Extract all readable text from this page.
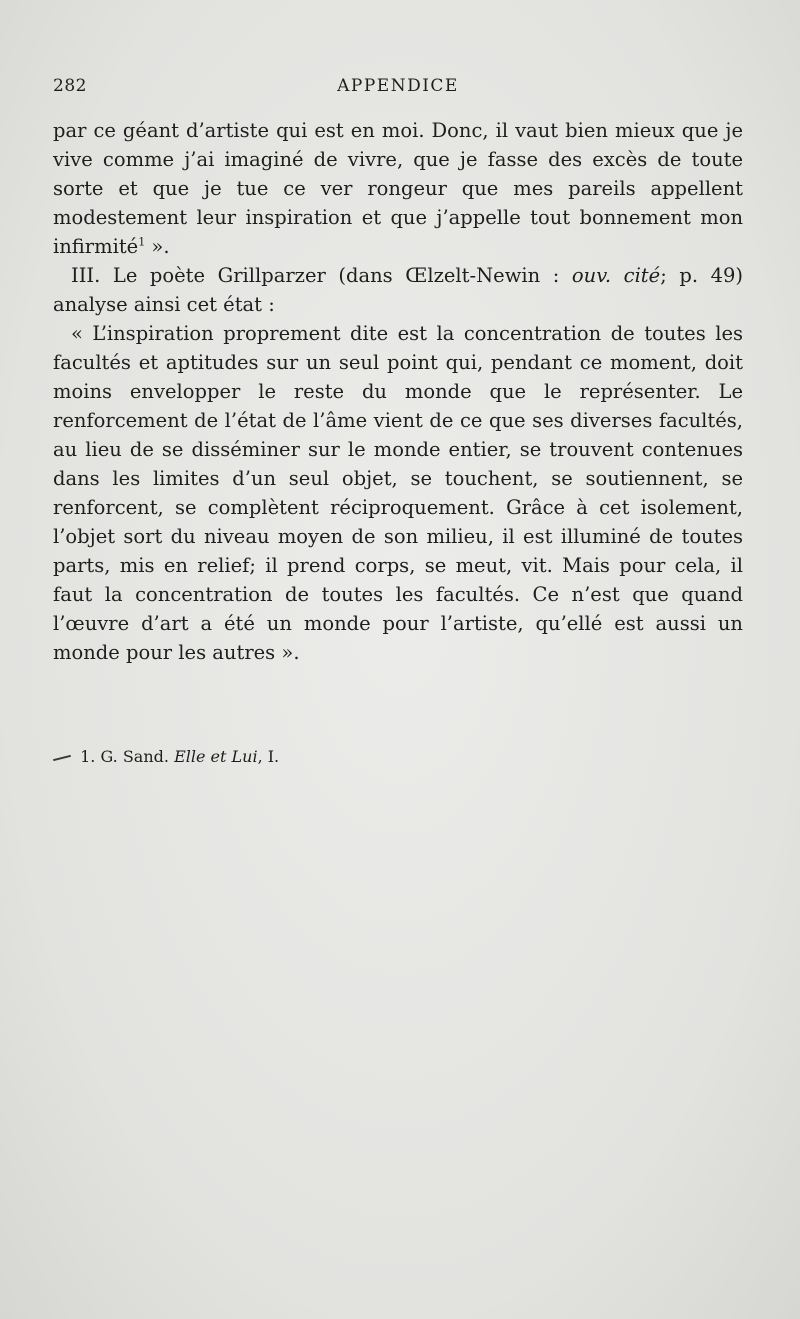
282	APPENDICE

par ce géant d’artiste qui est en moi. Donc, il vaut bien mieux que je vive comme j’ai imaginé de vivre, que je fasse des excès de toute sorte et que je tue ce ver rongeur que mes pareils appellent modestement leur inspiration et que j’appelle tout bonnement mon infirmité$^1$ ».

III. Le poète Grillparzer (dans Œlzelt-Newin : ouv. cité; p. 49) analyse ainsi cet état :

« L’inspiration proprement dite est la concentration de toutes les facultés et aptitudes sur un seul point qui, pendant ce moment, doit moins envelopper le reste du monde que le représenter. Le renforcement de l’état de l’âme vient de ce que ses diverses facultés, au lieu de se disséminer sur le monde entier, se trouvent contenues dans les limites d’un seul objet, se touchent, se soutiennent, se renforcent, se complètent réciproquement. Grâce à cet isolement, l’objet sort du niveau moyen de son milieu, il est illuminé de toutes parts, mis en relief; il prend corps, se meut, vit. Mais pour cela, il faut la concentration de toutes les facultés. Ce n’est que quand l’œuvre d’art a été un monde pour l’artiste, qu’ellé est aussi un monde pour les autres ».

1. G. Sand. Elle et Lui, I.
